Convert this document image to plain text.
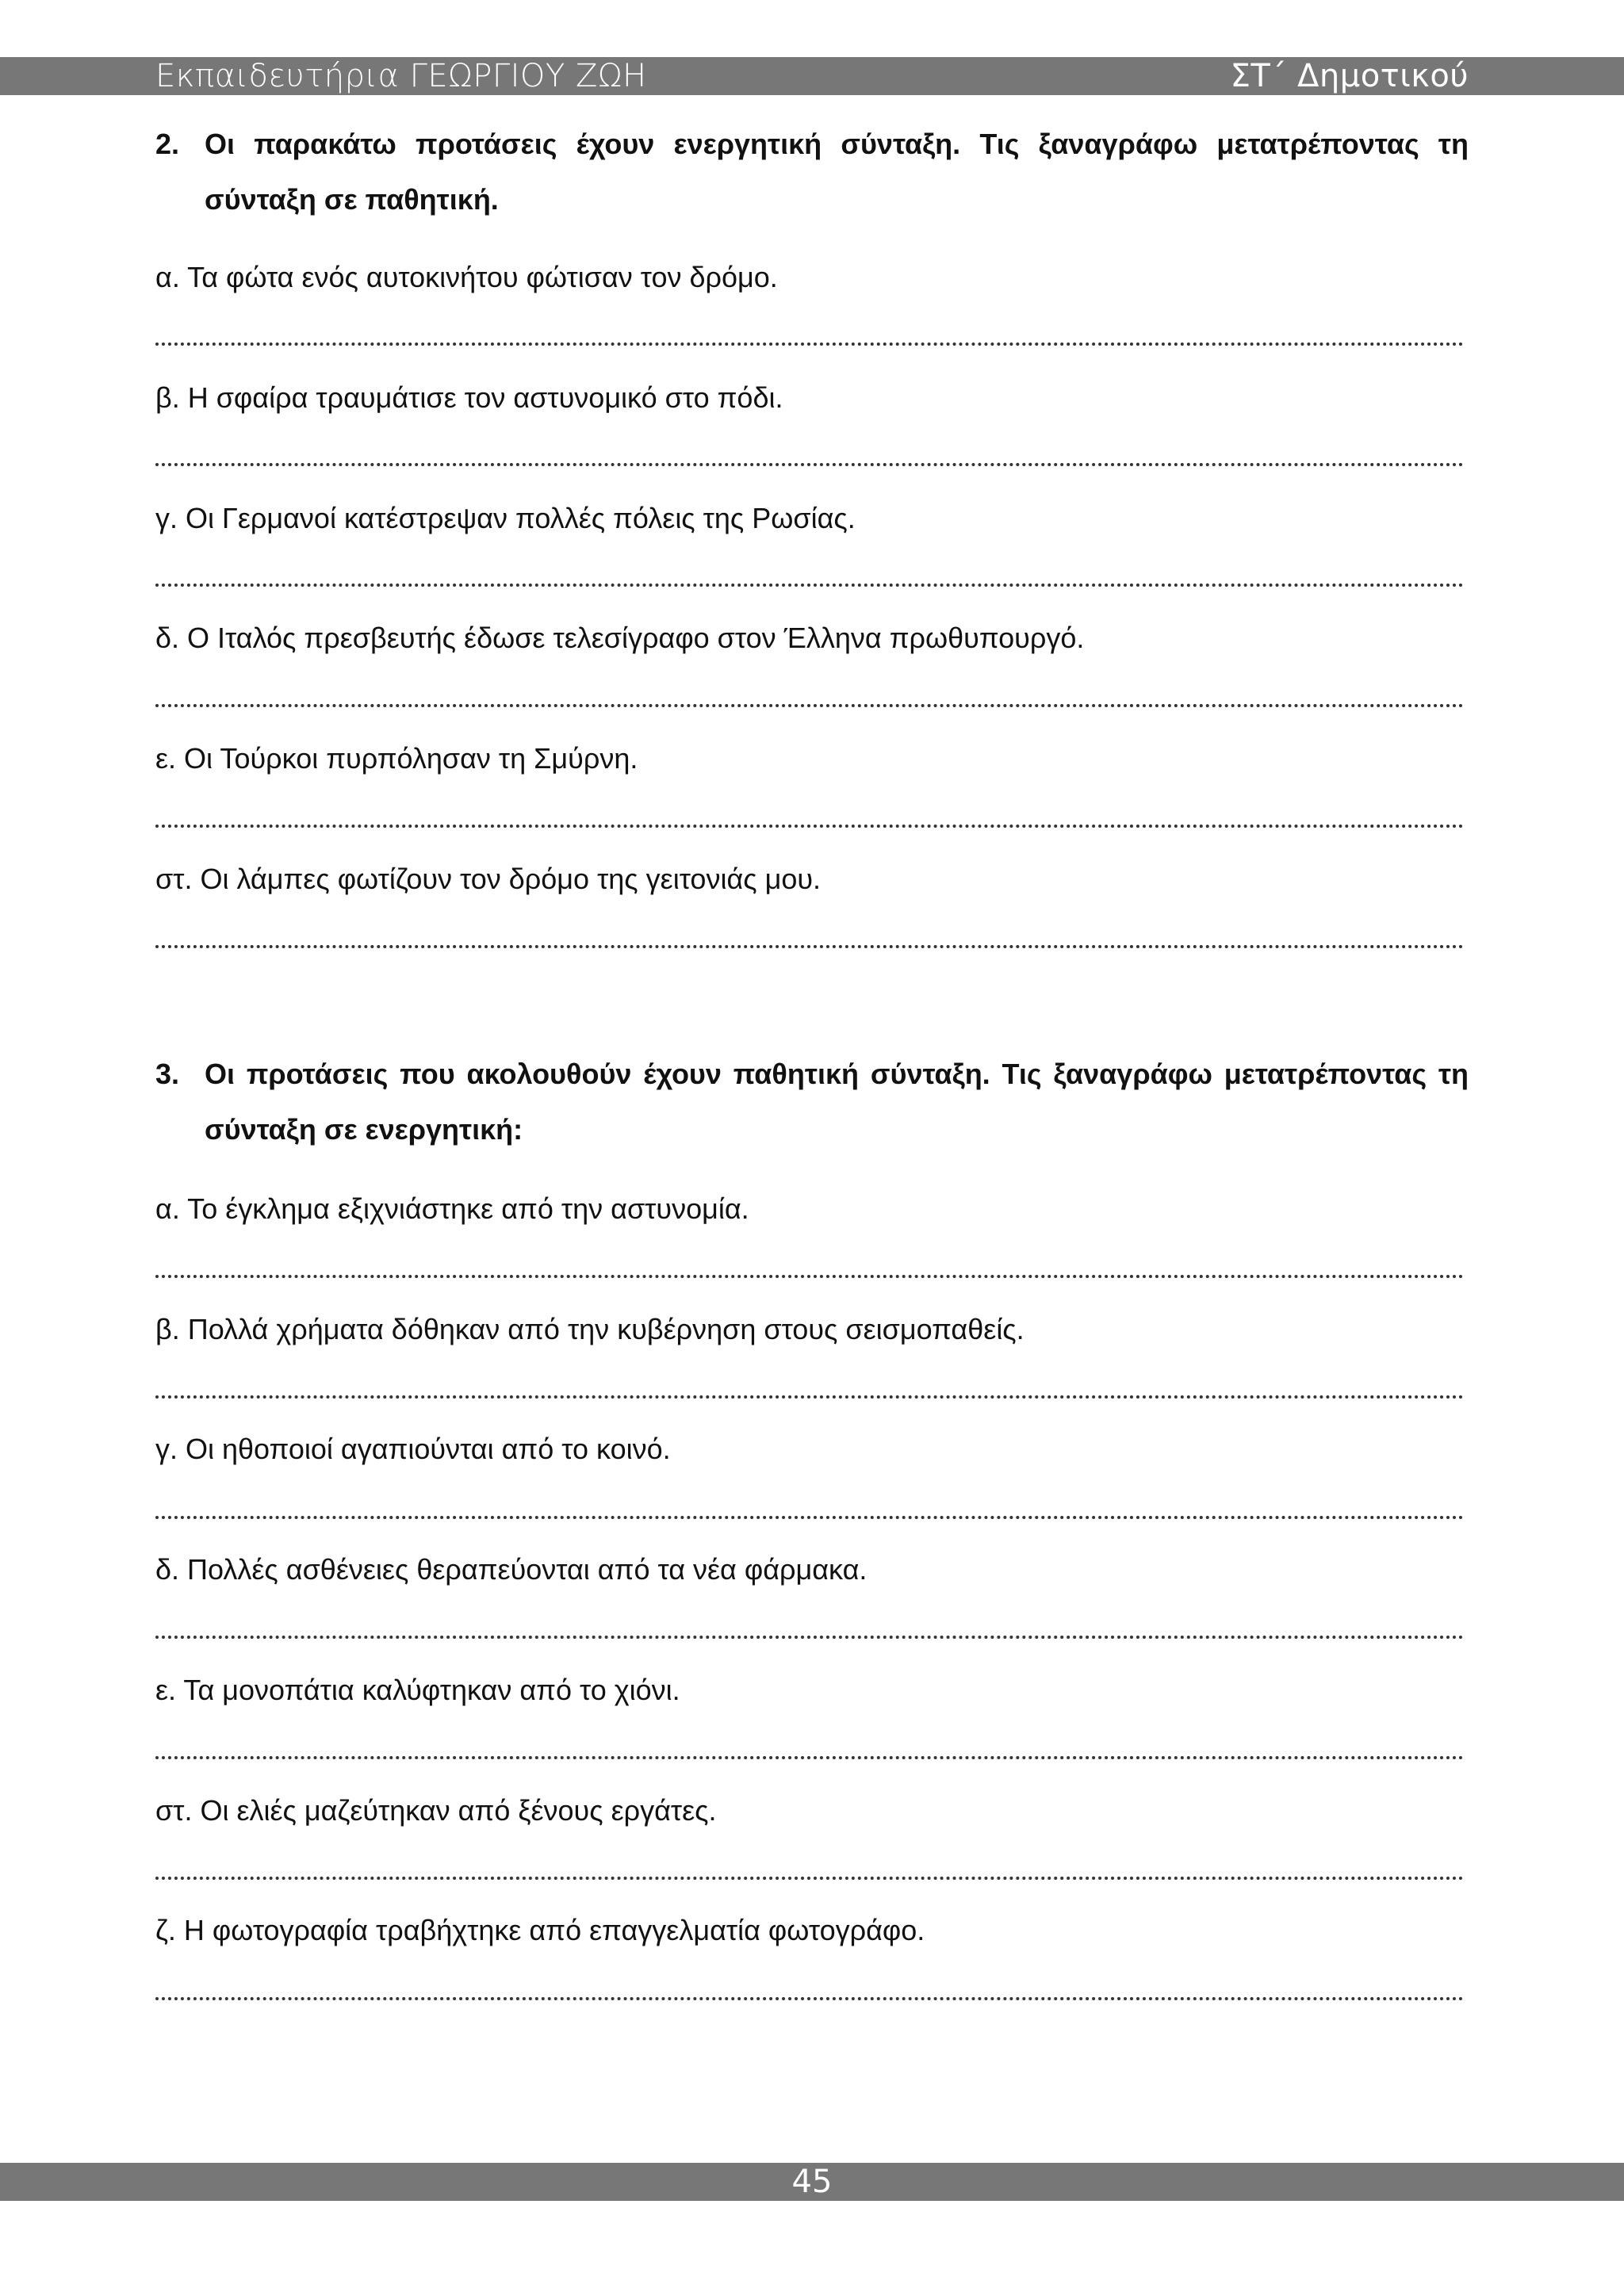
Εκπαιδευτήρια ΓΕΩΡΓΙΟΥ ΖΩΗ	ΣΤ΄ Δημοτικού
2. Οι παρακάτω προτάσεις έχουν ενεργητική σύνταξη. Τις ξαναγράφω μετατρέποντας τη σύνταξη σε παθητική.
α. Τα φώτα ενός αυτοκινήτου φώτισαν τον δρόμο.
β. Η σφαίρα τραυμάτισε τον αστυνομικό στο πόδι.
γ. Οι Γερμανοί κατέστρεψαν πολλές πόλεις της Ρωσίας.
δ. Ο Ιταλός πρεσβευτής έδωσε τελεσίγραφο στον Έλληνα πρωθυπουργό.
ε. Οι Τούρκοι πυρπόλησαν τη Σμύρνη.
στ. Οι λάμπες φωτίζουν τον δρόμο της γειτονιάς μου.
3. Οι προτάσεις που ακολουθούν έχουν παθητική σύνταξη. Τις ξαναγράφω μετατρέποντας τη σύνταξη σε ενεργητική:
α. Το έγκλημα εξιχνιάστηκε από την αστυνομία.
β. Πολλά χρήματα δόθηκαν από την κυβέρνηση στους σεισμοπαθείς.
γ. Οι ηθοποιοί αγαπιούνται από το κοινό.
δ. Πολλές ασθένειες θεραπεύονται από τα νέα φάρμακα.
ε. Τα μονοπάτια καλύφτηκαν από το χιόνι.
στ. Οι ελιές μαζεύτηκαν από ξένους εργάτες.
ζ. Η φωτογραφία τραβήχτηκε από επαγγελματία φωτογράφο.
45
